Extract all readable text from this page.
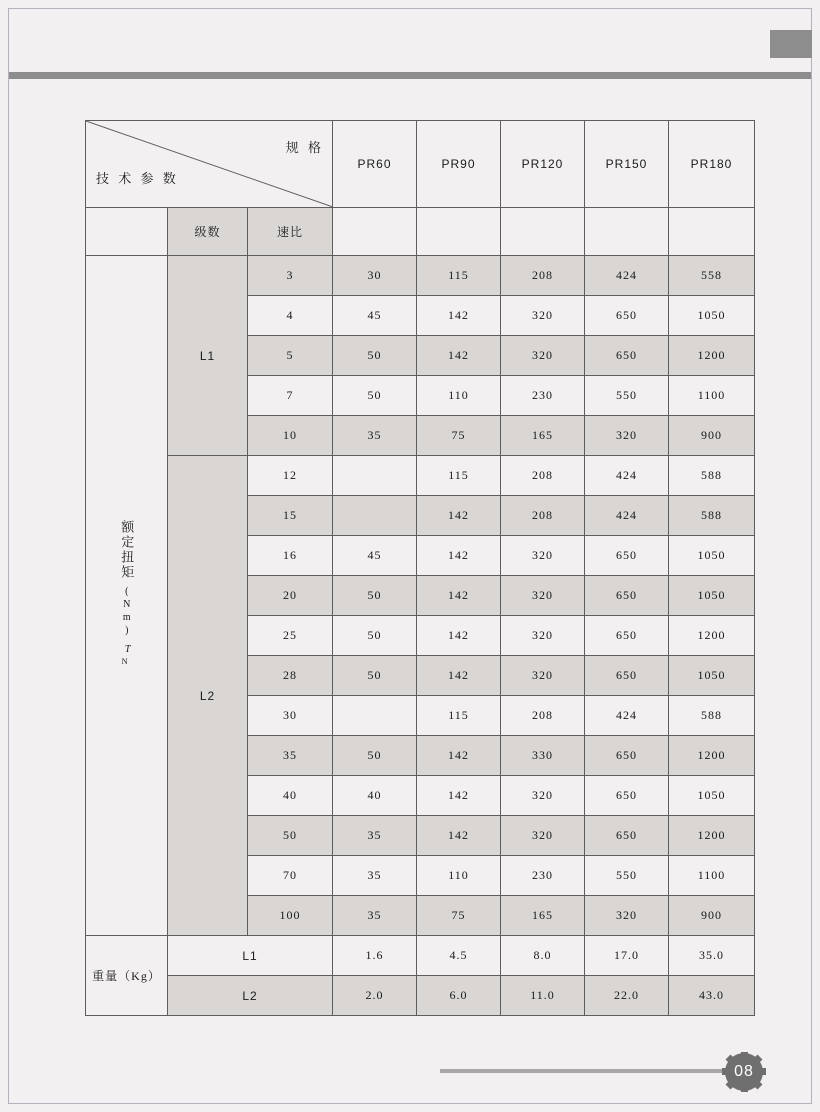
规 格
技 术 参 数			PR60	PR90	PR120	PR150	PR180
	级数	速比					
额定扭矩
(Nm)
$T_N$	L1	3	30	115	208	424	558
		4	45	142	320	650	1050
		5	50	142	320	650	1200
		7	50	110	230	550	1100
		10	35	75	165	320	900
	L2	12		115	208	424	588
		15		142	208	424	588
		16	45	142	320	650	1050
		20	50	142	320	650	1050
		25	50	142	320	650	1200
		28	50	142	320	650	1050
		30		115	208	424	588
		35	50	142	330	650	1200
		40	40	142	320	650	1050
		50	35	142	320	650	1200
		70	35	110	230	550	1100
		100	35	75	165	320	900
重量（Kg）	L1		1.6	4.5	8.0	17.0	35.0
	L2		2.0	6.0	11.0	22.0	43.0
08
